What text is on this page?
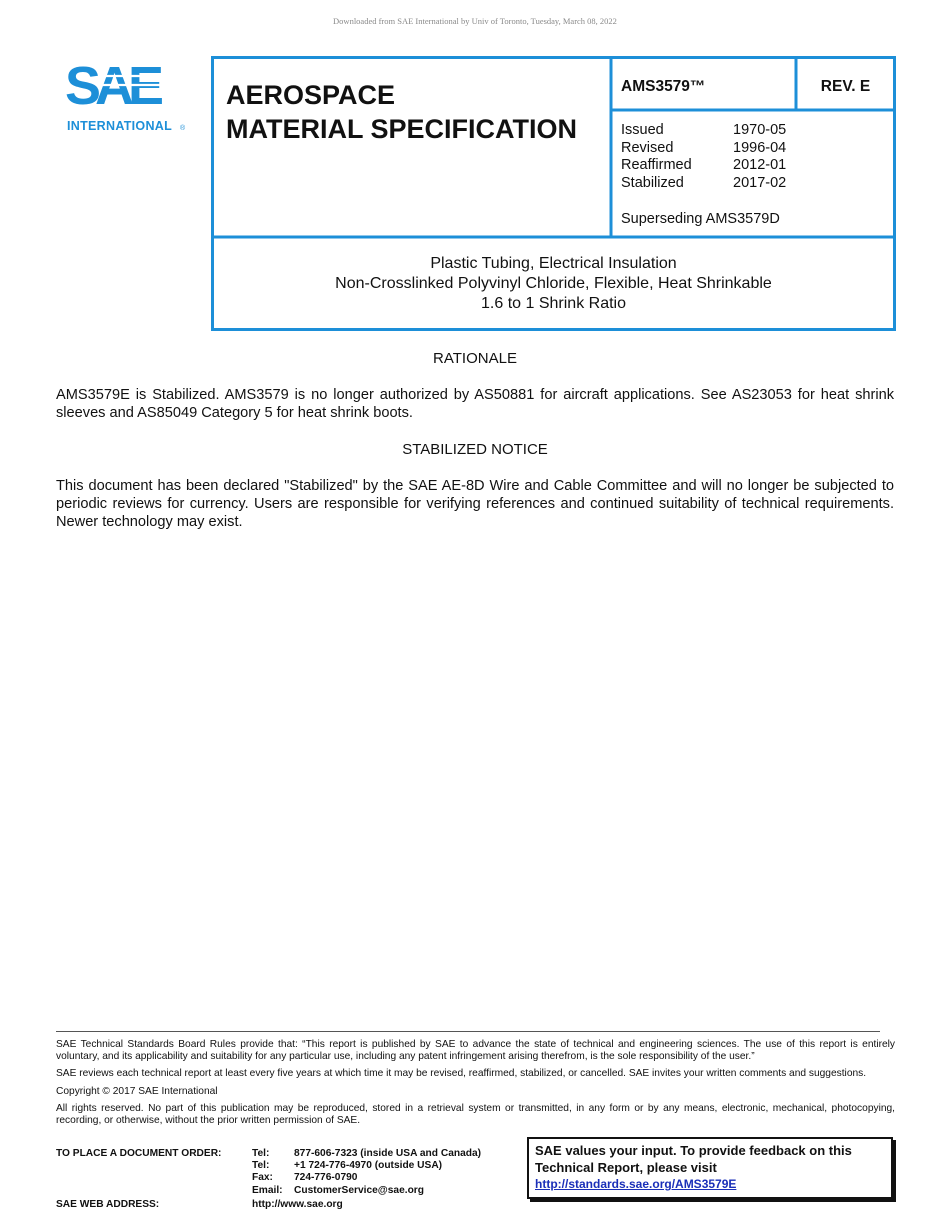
Downloaded from SAE International by Univ of Toronto, Tuesday, March 08, 2022
SAE
INTERNATIONAL ®
AEROSPACE
MATERIAL SPECIFICATION
AMS3579™	REV. E
Issued	1970-05
Revised	1996-04
Reaffirmed	2012-01
Stabilized	2017-02
Superseding AMS3579D
Plastic Tubing, Electrical Insulation
Non-Crosslinked Polyvinyl Chloride, Flexible, Heat Shrinkable
1.6 to 1 Shrink Ratio
RATIONALE
AMS3579E is Stabilized. AMS3579 is no longer authorized by AS50881 for aircraft applications. See AS23053 for heat shrink sleeves and AS85049 Category 5 for heat shrink boots.
STABILIZED NOTICE
This document has been declared "Stabilized" by the SAE AE-8D Wire and Cable Committee and will no longer be subjected to periodic reviews for currency. Users are responsible for verifying references and continued suitability of technical requirements. Newer technology may exist.

SAE Technical Standards Board Rules provide that: “This report is published by SAE to advance the state of technical and engineering sciences. The use of this report is entirely voluntary, and its applicability and suitability for any particular use, including any patent infringement arising therefrom, is the sole responsibility of the user.”

SAE reviews each technical report at least every five years at which time it may be revised, reaffirmed, stabilized, or cancelled. SAE invites your written comments and suggestions.

Copyright © 2017 SAE International

All rights reserved. No part of this publication may be reproduced, stored in a retrieval system or transmitted, in any form or by any means, electronic, mechanical, photocopying, recording, or otherwise, without the prior written permission of SAE.

TO PLACE A DOCUMENT ORDER:	Tel:	877-606-7323 (inside USA and Canada)
Tel:	+1 724-776-4970 (outside USA)
Fax:	724-776-0790
Email:	CustomerService@sae.org
SAE WEB ADDRESS:	http://www.sae.org
SAE values your input. To provide feedback on this
Technical Report, please visit
http://standards.sae.org/AMS3579E
